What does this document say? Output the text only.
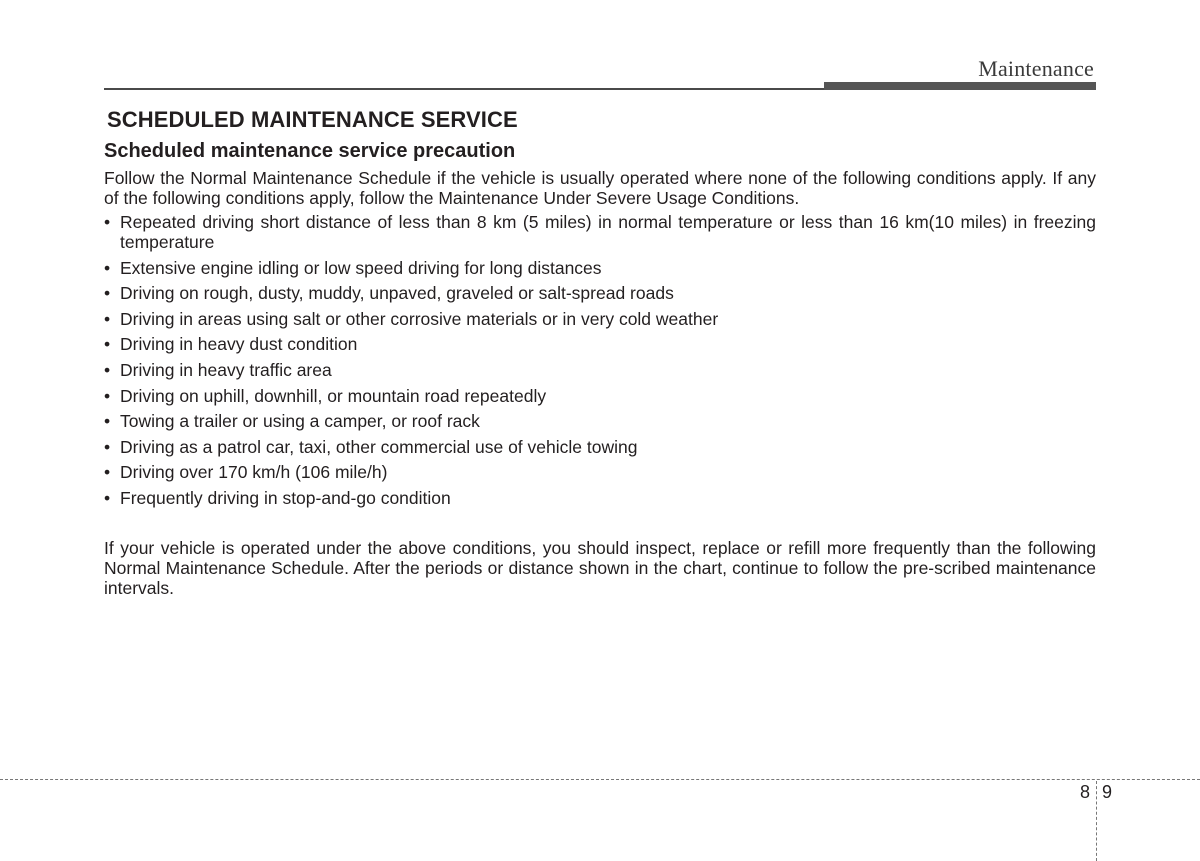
Maintenance
SCHEDULED MAINTENANCE SERVICE
Scheduled maintenance service precaution

Follow the Normal Maintenance Schedule if the vehicle is usually operated where none of the following conditions apply. If any of the following conditions apply, follow the Maintenance Under Severe Usage Conditions.

• Repeated driving short distance of less than 8 km (5 miles) in normal temperature or less than 16 km(10 miles) in freezing temperature
• Extensive engine idling or low speed driving for long distances
• Driving on rough, dusty, muddy, unpaved, graveled or salt-spread roads
• Driving in areas using salt or other corrosive materials or in very cold weather
• Driving in heavy dust condition
• Driving in heavy traffic area
• Driving on uphill, downhill, or mountain road repeatedly
• Towing a trailer or using a camper, or roof rack
• Driving as a patrol car, taxi, other commercial use of vehicle towing
• Driving over 170 km/h (106 mile/h)
• Frequently driving in stop-and-go condition

If your vehicle is operated under the above conditions, you should inspect, replace or refill more frequently than the following Normal Maintenance Schedule. After the periods or distance shown in the chart, continue to follow the pre-scribed maintenance intervals.

8 9
